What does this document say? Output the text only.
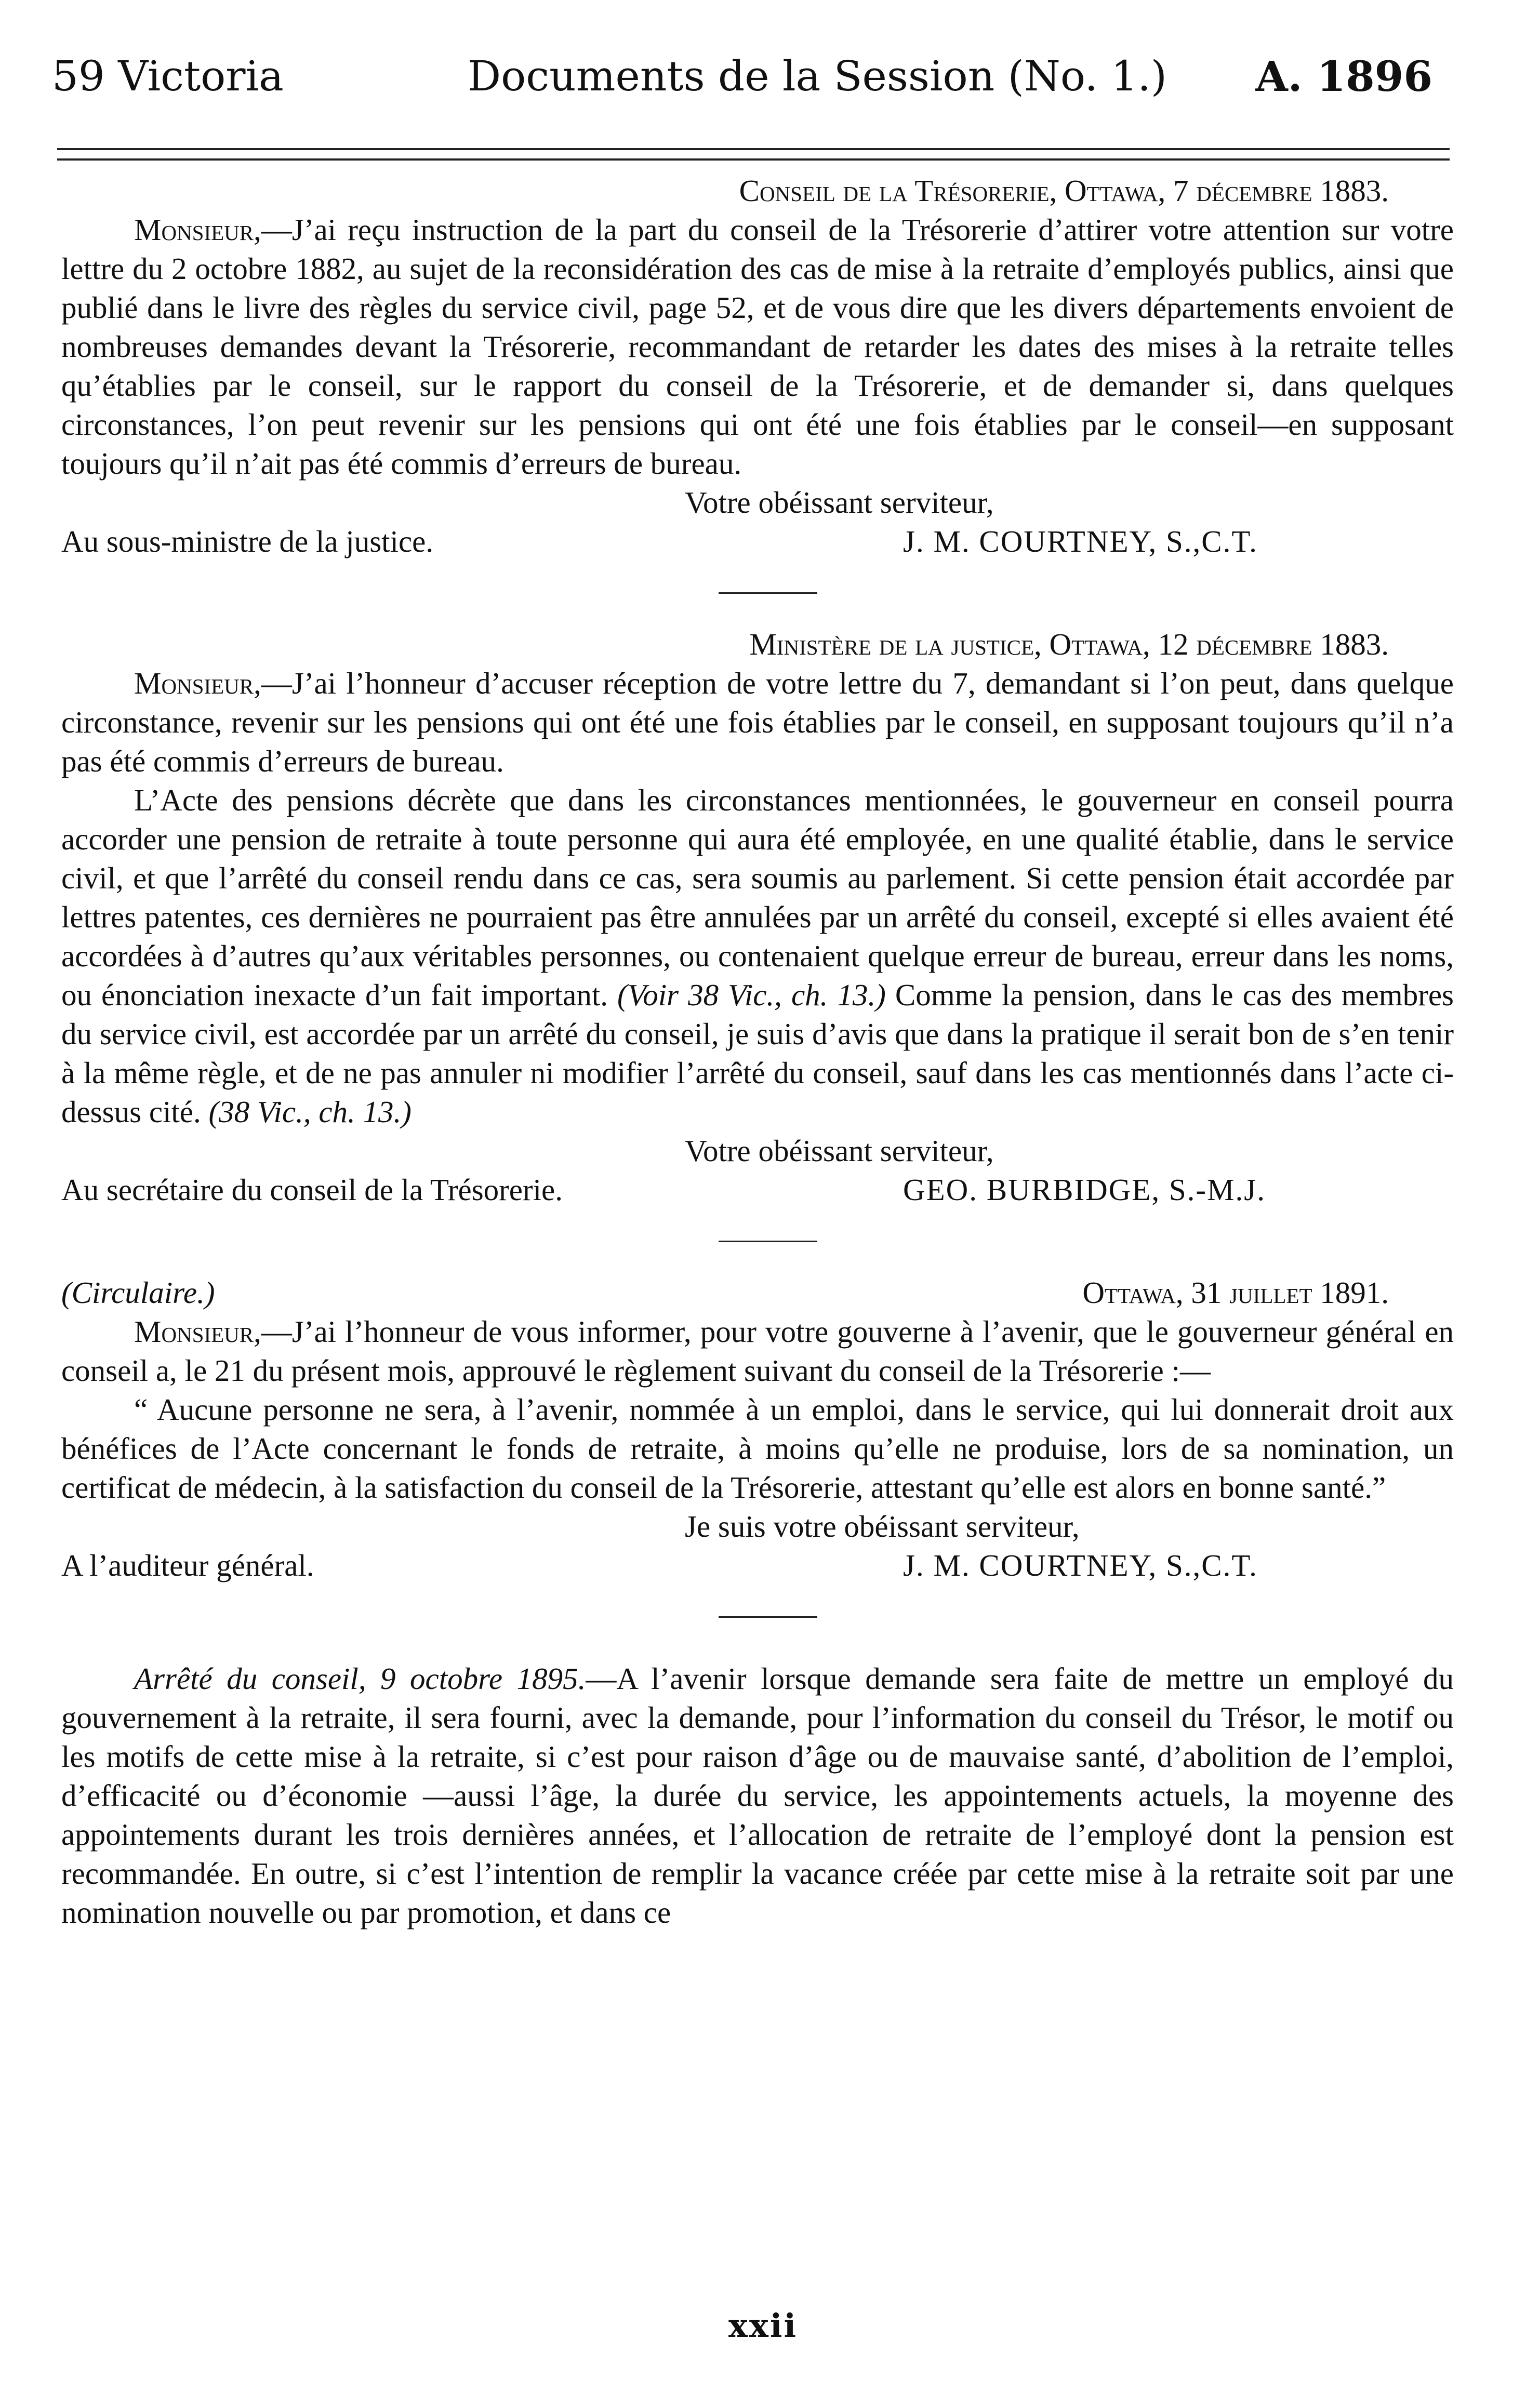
59 Victoria	Documents de la Session (No. 1.) A. 1896

Conseil de la Trésorerie, Ottawa, 7 décembre 1883.

Monsieur,—J’ai reçu instruction de la part du conseil de la Trésorerie d’attirer votre attention sur votre lettre du 2 octobre 1882, au sujet de la reconsidération des cas de mise à la retraite d’employés publics, ainsi que publié dans le livre des règles du service civil, page 52, et de vous dire que les divers départements envoient de nombreuses demandes devant la Trésorerie, recommandant de retarder les dates des mises à la retraite telles qu’établies par le conseil, sur le rapport du conseil de la Trésorerie, et de demander si, dans quelques circonstances, l’on peut revenir sur les pensions qui ont été une fois établies par le conseil—en supposant toujours qu’il n’ait pas été commis d’erreurs de bureau.

Votre obéissant serviteur,

Au sous-ministre de la justice.	J. M. COURTNEY, S.,C.T.

Ministère de la justice, Ottawa, 12 décembre 1883.

Monsieur,—J’ai l’honneur d’accuser réception de votre lettre du 7, demandant si l’on peut, dans quelque circonstance, revenir sur les pensions qui ont été une fois établies par le conseil, en supposant toujours qu’il n’a pas été commis d’erreurs de bureau.

L’Acte des pensions décrète que dans les circonstances mentionnées, le gouverneur en conseil pourra accorder une pension de retraite à toute personne qui aura été employée, en une qualité établie, dans le service civil, et que l’arrêté du conseil rendu dans ce cas, sera soumis au parlement. Si cette pension était accordée par lettres patentes, ces dernières ne pourraient pas être annulées par un arrêté du conseil, excepté si elles avaient été accordées à d’autres qu’aux véritables personnes, ou contenaient quelque erreur de bureau, erreur dans les noms, ou énonciation inexacte d’un fait important. (Voir 38 Vic., ch. 13.) Comme la pension, dans le cas des membres du service civil, est accordée par un arrêté du conseil, je suis d’avis que dans la pratique il serait bon de s’en tenir à la même règle, et de ne pas annuler ni modifier l’arrêté du conseil, sauf dans les cas mentionnés dans l’acte ci-dessus cité. (38 Vic., ch. 13.)

Votre obéissant serviteur,

Au secrétaire du conseil de la Trésorerie.	GEO. BURBIDGE, S.-M.J.
(Circulaire.)	Ottawa, 31 juillet 1891.

Monsieur,—J’ai l’honneur de vous informer, pour votre gouverne à l’avenir, que le gouverneur général en conseil a, le 21 du présent mois, approuvé le règlement suivant du conseil de la Trésorerie :—

“ Aucune personne ne sera, à l’avenir, nommée à un emploi, dans le service, qui lui donnerait droit aux bénéfices de l’Acte concernant le fonds de retraite, à moins qu’elle ne produise, lors de sa nomination, un certificat de médecin, à la satisfaction du conseil de la Trésorerie, attestant qu’elle est alors en bonne santé.”

Je suis votre obéissant serviteur,

A l’auditeur général.	J. M. COURTNEY, S.,C.T.

Arrêté du conseil, 9 octobre 1895.—A l’avenir lorsque demande sera faite de mettre un employé du gouvernement à la retraite, il sera fourni, avec la demande, pour l’information du conseil du Trésor, le motif ou les motifs de cette mise à la retraite, si c’est pour raison d’âge ou de mauvaise santé, d’abolition de l’emploi, d’efficacité ou d’économie —aussi l’âge, la durée du service, les appointements actuels, la moyenne des appointements durant les trois dernières années, et l’allocation de retraite de l’employé dont la pension est recommandée. En outre, si c’est l’intention de remplir la vacance créée par cette mise à la retraite soit par une nomination nouvelle ou par promotion, et dans ce

xxii
